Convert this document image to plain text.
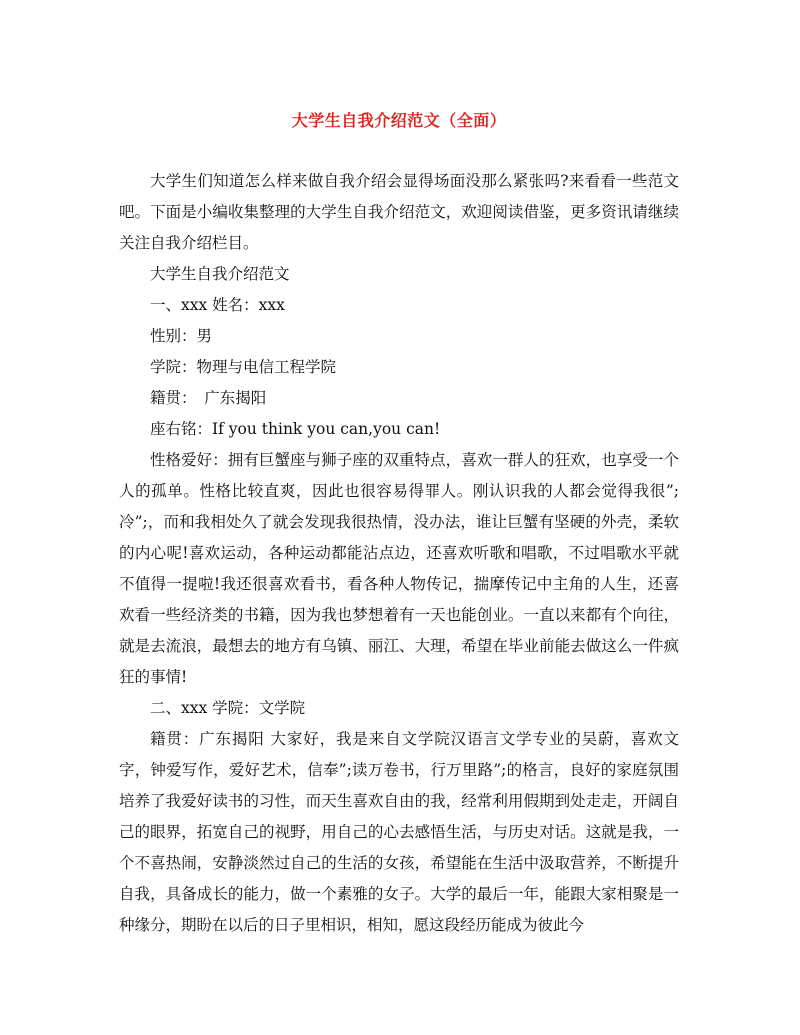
大学生自我介绍范文（全面）

大学生们知道怎么样来做自我介绍会显得场面没那么紧张吗?来看看一些范文吧。下面是小编收集整理的大学生自我介绍范文，欢迎阅读借鉴，更多资讯请继续关注自我介绍栏目。

大学生自我介绍范文

一、xxx 姓名：xxx

性别：男

学院：物理与电信工程学院

籍贯：　广东揭阳

座右铭：If you think you can,you can!

性格爱好：拥有巨蟹座与狮子座的双重特点，喜欢一群人的狂欢，也享受一个人的孤单。性格比较直爽，因此也很容易得罪人。刚认识我的人都会觉得我很”;冷”;，而和我相处久了就会发现我很热情，没办法，谁让巨蟹有坚硬的外壳，柔软的内心呢!喜欢运动，各种运动都能沾点边，还喜欢听歌和唱歌，不过唱歌水平就不值得一提啦!我还很喜欢看书，看各种人物传记，揣摩传记中主角的人生，还喜欢看一些经济类的书籍，因为我也梦想着有一天也能创业。一直以来都有个向往，就是去流浪，最想去的地方有乌镇、丽江、大理，希望在毕业前能去做这么一件疯狂的事情!

二、xxx 学院：文学院

籍贯：广东揭阳 大家好，我是来自文学院汉语言文学专业的吴蔚，喜欢文字，钟爱写作，爱好艺术，信奉”;读万卷书，行万里路”;的格言，良好的家庭氛围培养了我爱好读书的习性，而天生喜欢自由的我，经常利用假期到处走走，开阔自己的眼界，拓宽自己的视野，用自己的心去感悟生活，与历史对话。这就是我，一个不喜热闹，安静淡然过自己的生活的女孩，希望能在生活中汲取营养，不断提升自我，具备成长的能力，做一个素雅的女子。大学的最后一年，能跟大家相聚是一种缘分，期盼在以后的日子里相识，相知，愿这段经历能成为彼此今
